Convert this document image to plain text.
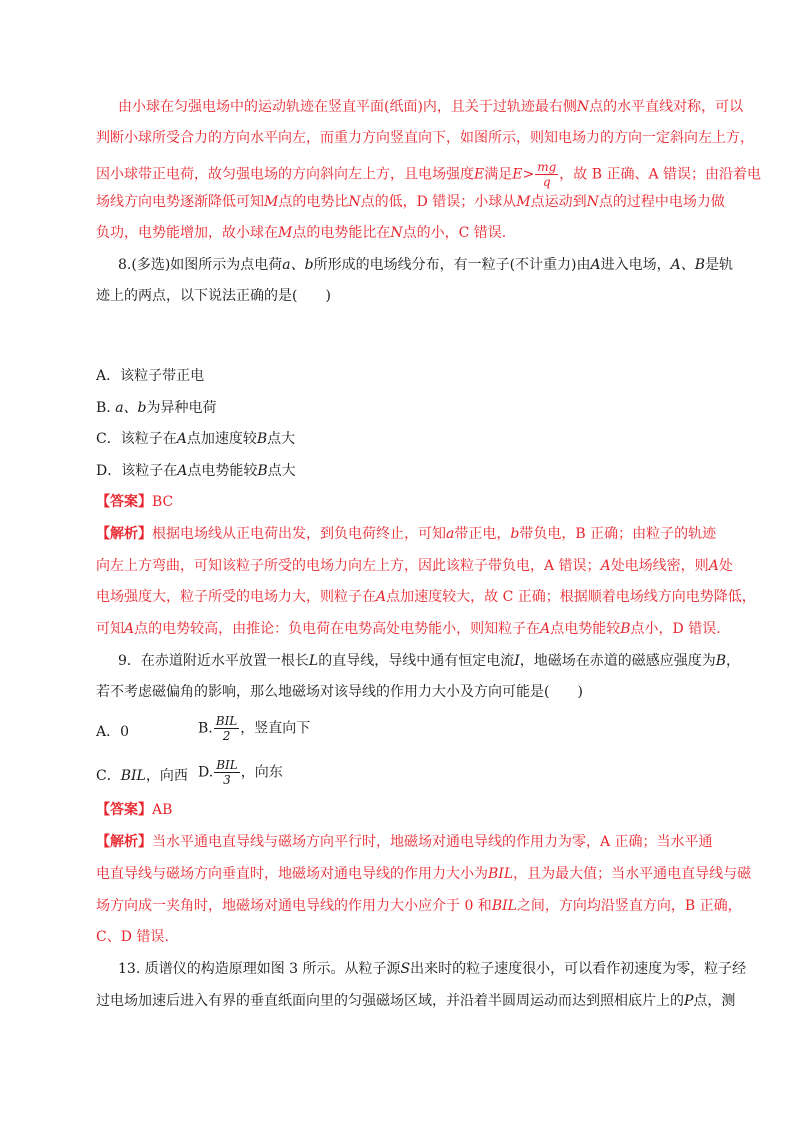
由小球在匀强电场中的运动轨迹在竖直平面(纸面)内，且关于过轨迹最右侧N点的水平直线对称，可以
判断小球所受合力的方向水平向左，而重力方向竖直向下，如图所示，则知电场力的方向一定斜向左上方，
因小球带正电荷，故匀强电场的方向斜向左上方，且电场强度E满足$E> \frac{mg}{q}$ ，故 B 正确、A 错误；由沿着电
场线方向电势逐渐降低可知M点的电势比N点的低，D 错误；小球从M点运动到N点的过程中电场力做
负功，电势能增加，故小球在M点的电势能比在N点的小，C 错误.
8.(多选)如图所示为点电荷a、b所形成的电场线分布，有一粒子(不计重力)由A进入电场，A、B是轨
迹上的两点，以下说法正确的是(　　)
A．该粒子带正电
B. a、b为异种电荷
C．该粒子在A点加速度较B点大
D．该粒子在A点电势能较B点大
【答案】BC
【解析】根据电场线从正电荷出发，到负电荷终止，可知a带正电，b带负电，B 正确；由粒子的轨迹
向左上方弯曲，可知该粒子所受的电场力向左上方，因此该粒子带负电，A 错误；A处电场线密，则A处
电场强度大，粒子所受的电场力大，则粒子在A点加速度较大，故 C 正确；根据顺着电场线方向电势降低，
可知A点的电势较高，由推论：负电荷在电势高处电势能小，则知粒子在A点电势能较B点小，D 错误.
9．在赤道附近水平放置一根长L的直导线，导线中通有恒定电流I，地磁场在赤道的磁感应强度为B，
若不考虑磁偏角的影响，那么地磁场对该导线的作用力大小及方向可能是(　　)
A．0	B. $\frac{\text{BIL}}{2}$ ，竖直向下
C．BIL，向西 D. $\frac{\text{BIL}}{3}$ ，向东
【答案】AB
【解析】当水平通电直导线与磁场方向平行时，地磁场对通电导线的作用力为零，A 正确；当水平通
电直导线与磁场方向垂直时，地磁场对通电导线的作用力大小为BIL，且为最大值；当水平通电直导线与磁
场方向成一夹角时，地磁场对通电导线的作用力大小应介于 0 和BIL之间，方向均沿竖直方向，B 正确，
C、D 错误.
13. 质谱仪的构造原理如图 3 所示。从粒子源S出来时的粒子速度很小，可以看作初速度为零，粒子经
过电场加速后进入有界的垂直纸面向里的匀强磁场区域，并沿着半圆周运动而达到照相底片上的P点，测
